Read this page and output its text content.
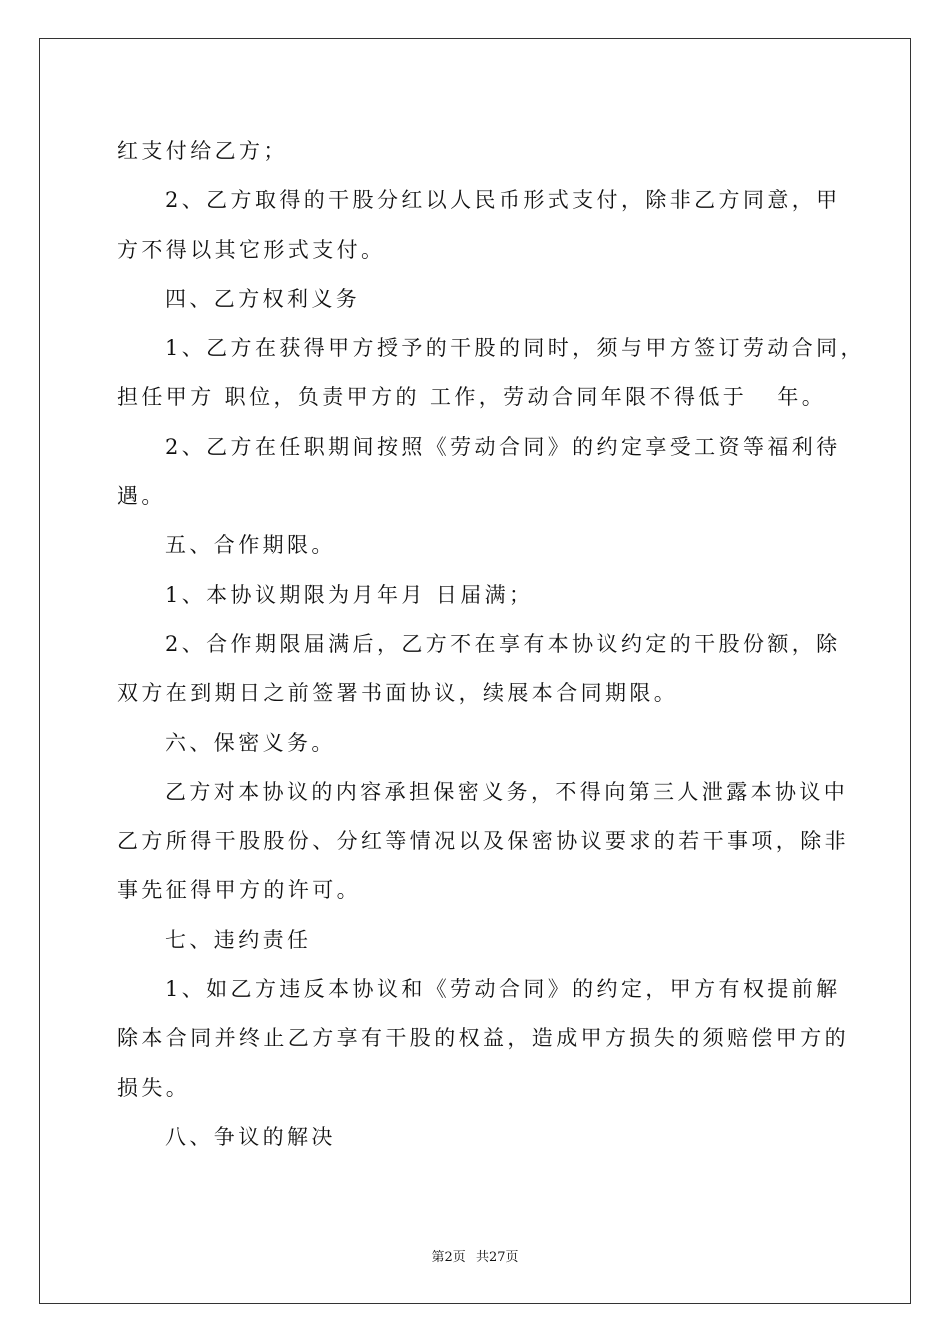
红支付给乙方；

2、乙方取得的干股分红以人民币形式支付，除非乙方同意，甲

方不得以其它形式支付。

四、乙方权利义务

1、乙方在获得甲方授予的干股的同时，须与甲方签订劳动合同，

担任甲方 职位，负责甲方的 工作，劳动合同年限不得低于   年。

2、乙方在任职期间按照《劳动合同》的约定享受工资等福利待

遇。

五、合作期限。

1、本协议期限为月年月 日届满；

2、合作期限届满后，乙方不在享有本协议约定的干股份额，除

双方在到期日之前签署书面协议，续展本合同期限。

六、保密义务。

乙方对本协议的内容承担保密义务，不得向第三人泄露本协议中

乙方所得干股股份、分红等情况以及保密协议要求的若干事项，除非

事先征得甲方的许可。

七、违约责任

1、如乙方违反本协议和《劳动合同》的约定，甲方有权提前解

除本合同并终止乙方享有干股的权益，造成甲方损失的须赔偿甲方的

损失。

八、争议的解决

第2页 共27页
